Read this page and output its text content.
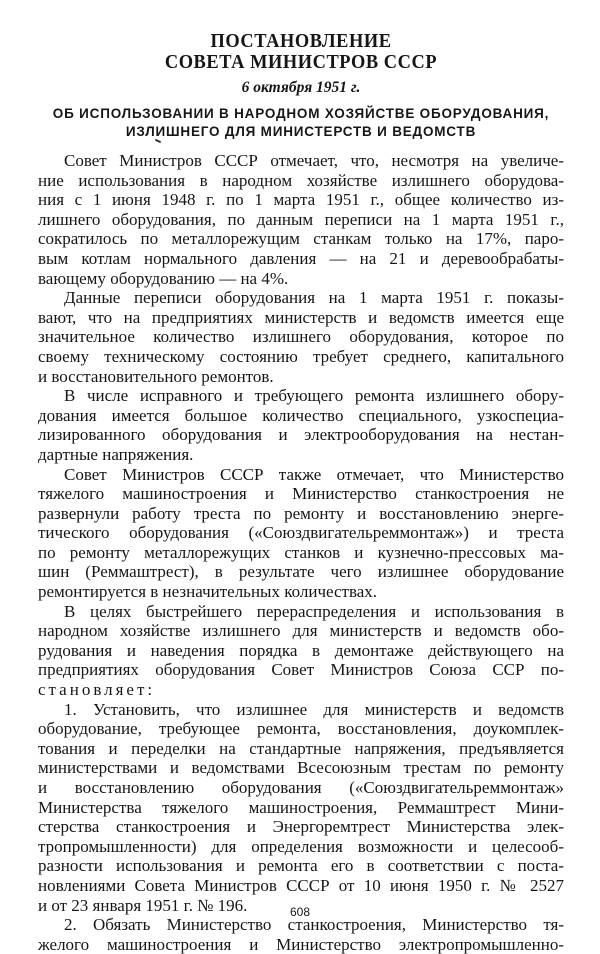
ПОСТАНОВЛЕНИЕ
СОВЕТА МИНИСТРОВ СССР
6 октября 1951 г.
ОБ ИСПОЛЬЗОВАНИИ В НАРОДНОМ ХОЗЯЙСТВЕ ОБОРУДОВАНИЯ,
ИЗЛИШНЕГО ДЛЯ МИНИСТЕРСТВ И ВЕДОМСТВ
Совет Министров СССР отмечает, что, несмотря на увеличе-
ние использования в народном хозяйстве излишнего оборудова-
ния с 1 июня 1948 г. по 1 марта 1951 г., общее количество из-
лишнего оборудования, по данным переписи на 1 марта 1951 г.,
сократилось по металлорежущим станкам только на 17%, паро-
вым котлам нормального давления — на 21 и деревообрабаты-
вающему оборудованию — на 4%.
Данные переписи оборудования на 1 марта 1951 г. показы-
вают, что на предприятиях министерств и ведомств имеется еще
значительное количество излишнего оборудования, которое по
своему техническому состоянию требует среднего, капитального
и восстановительного ремонтов.
В числе исправного и требующего ремонта излишнего обору-
дования имеется большое количество специального, узкоспециа-
лизированного оборудования и электрооборудования на нестан-
дартные напряжения.
Совет Министров СССР также отмечает, что Министерство
тяжелого машиностроения и Министерство станкостроения не
развернули работу треста по ремонту и восстановлению энерге-
тического оборудования («Союздвигательреммонтаж») и треста
по ремонту металлорежущих станков и кузнечно-прессовых ма-
шин (Реммаштрест), в результате чего излишнее оборудование
ремонтируется в незначительных количествах.
В целях быстрейшего перераспределения и использования в
народном хозяйстве излишнего для министерств и ведомств обо-
рудования и наведения порядка в демонтаже действующего на
предприятиях оборудования Совет Министров Союза ССР по-
становляет:
1. Установить, что излишнее для министерств и ведомств
оборудование, требующее ремонта, восстановления, доукомплек-
тования и переделки на стандартные напряжения, предъявляется
министерствами и ведомствами Всесоюзным трестам по ремонту
и восстановлению оборудования («Союздвигательреммонтаж»
Министерства тяжелого машиностроения, Реммаштрест Мини-
стерства станкостроения и Энергоремтрест Министерства элек-
тропромышленности) для определения возможности и целесооб-
разности использования и ремонта его в соответствии с поста-
новлениями Совета Министров СССР от 10 июня 1950 г. № 2527
и от 23 января 1951 г. № 196.
2. Обязать Министерство станкостроения, Министерство тя-
желого машиностроения и Министерство электропромышленно-
608
